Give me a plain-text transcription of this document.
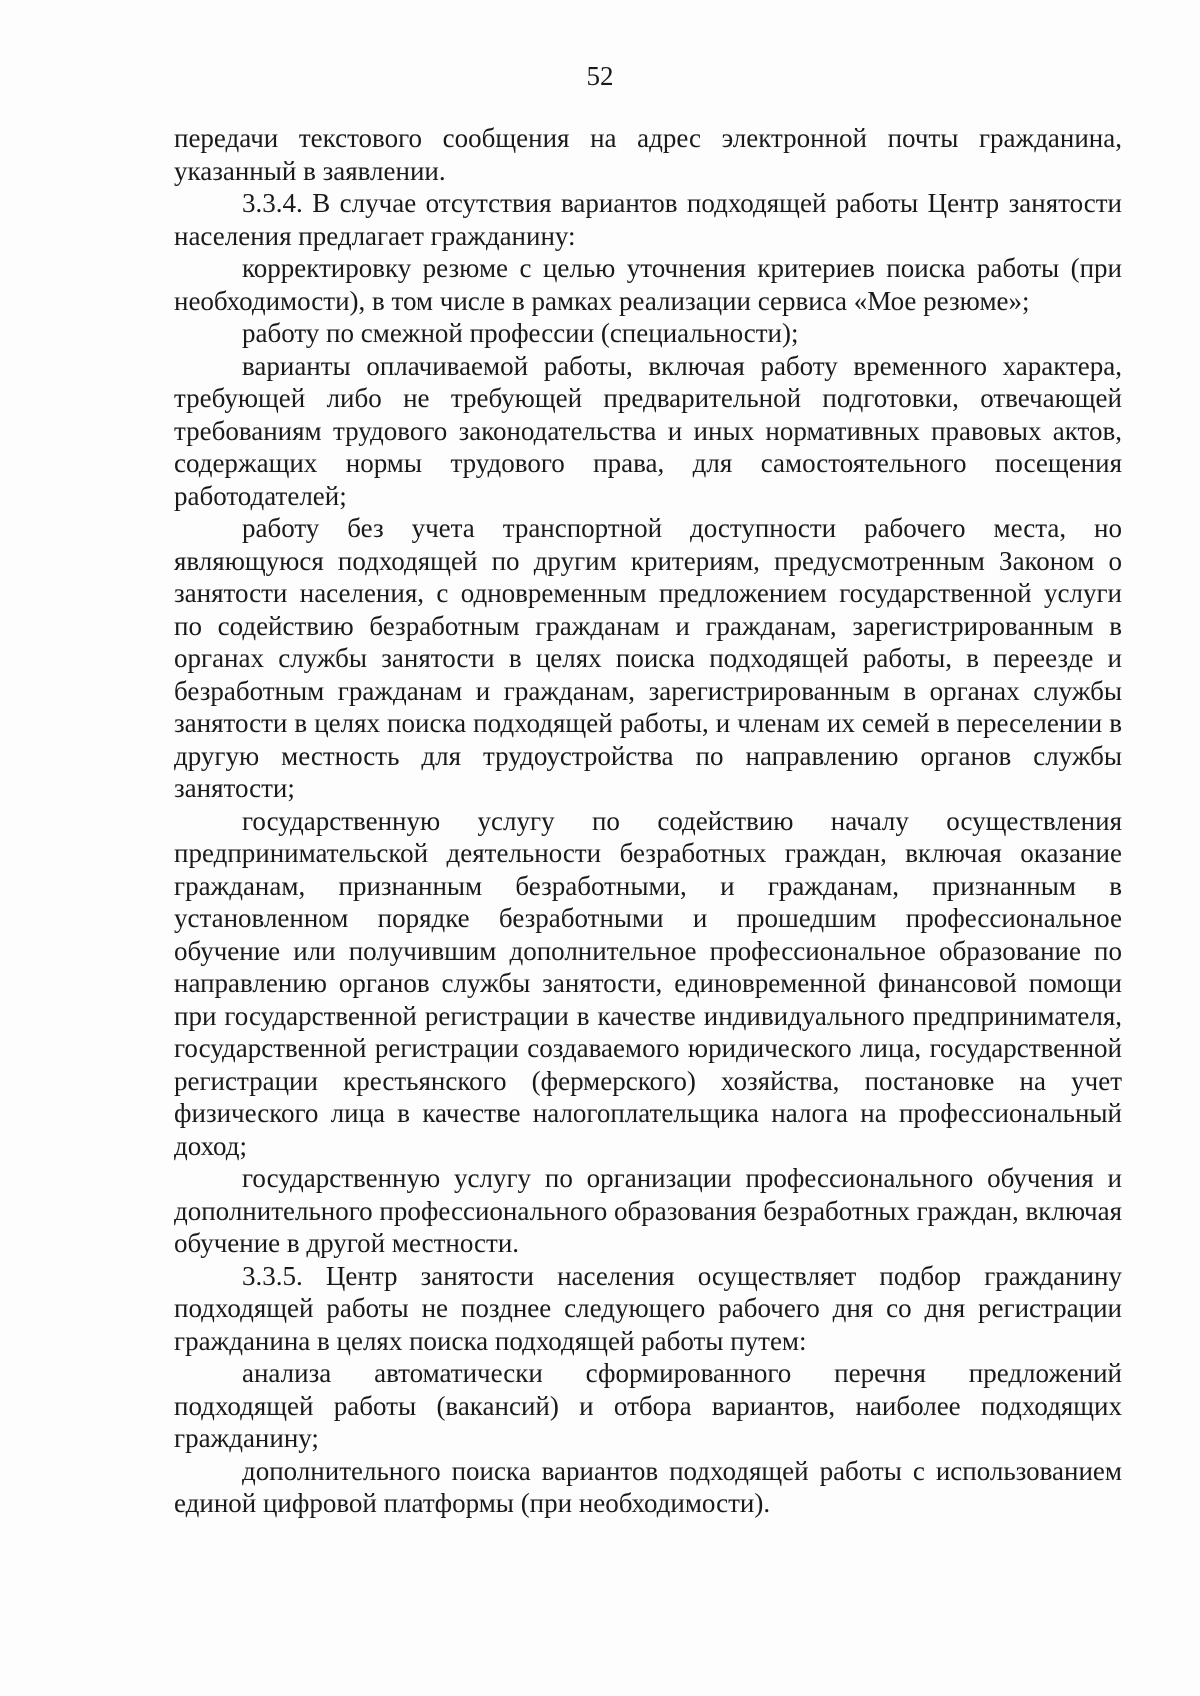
52

передачи текстового сообщения на адрес электронной почты гражданина, указанный в заявлении.

3.3.4. В случае отсутствия вариантов подходящей работы Центр занятости населения предлагает гражданину:

корректировку резюме с целью уточнения критериев поиска работы (при необходимости), в том числе в рамках реализации сервиса «Мое резюме»;

работу по смежной профессии (специальности);

варианты оплачиваемой работы, включая работу временного характера, требующей либо не требующей предварительной подготовки, отвечающей требованиям трудового законодательства и иных нормативных правовых актов, содержащих нормы трудового права, для самостоятельного посещения работодателей;

работу без учета транспортной доступности рабочего места, но являющуюся подходящей по другим критериям, предусмотренным Законом о занятости населения, с одновременным предложением государственной услуги по содействию безработным гражданам и гражданам, зарегистрированным в органах службы занятости в целях поиска подходящей работы, в переезде и безработным гражданам и гражданам, зарегистрированным в органах службы занятости в целях поиска подходящей работы, и членам их семей в переселении в другую местность для трудоустройства по направлению органов службы занятости;

государственную услугу по содействию началу осуществления предпринимательской деятельности безработных граждан, включая оказание гражданам, признанным безработными, и гражданам, признанным в установленном порядке безработными и прошедшим профессиональное обучение или получившим дополнительное профессиональное образование по направлению органов службы занятости, единовременной финансовой помощи при государственной регистрации в качестве индивидуального предпринимателя, государственной регистрации создаваемого юридического лица, государственной регистрации крестьянского (фермерского) хозяйства, постановке на учет физического лица в качестве налогоплательщика налога на профессиональный доход;

государственную услугу по организации профессионального обучения и дополнительного профессионального образования безработных граждан, включая обучение в другой местности.

3.3.5. Центр занятости населения осуществляет подбор гражданину подходящей работы не позднее следующего рабочего дня со дня регистрации гражданина в целях поиска подходящей работы путем:

анализа автоматически сформированного перечня предложений подходящей работы (вакансий) и отбора вариантов, наиболее подходящих гражданину;

дополнительного поиска вариантов подходящей работы с использованием единой цифровой платформы (при необходимости).
